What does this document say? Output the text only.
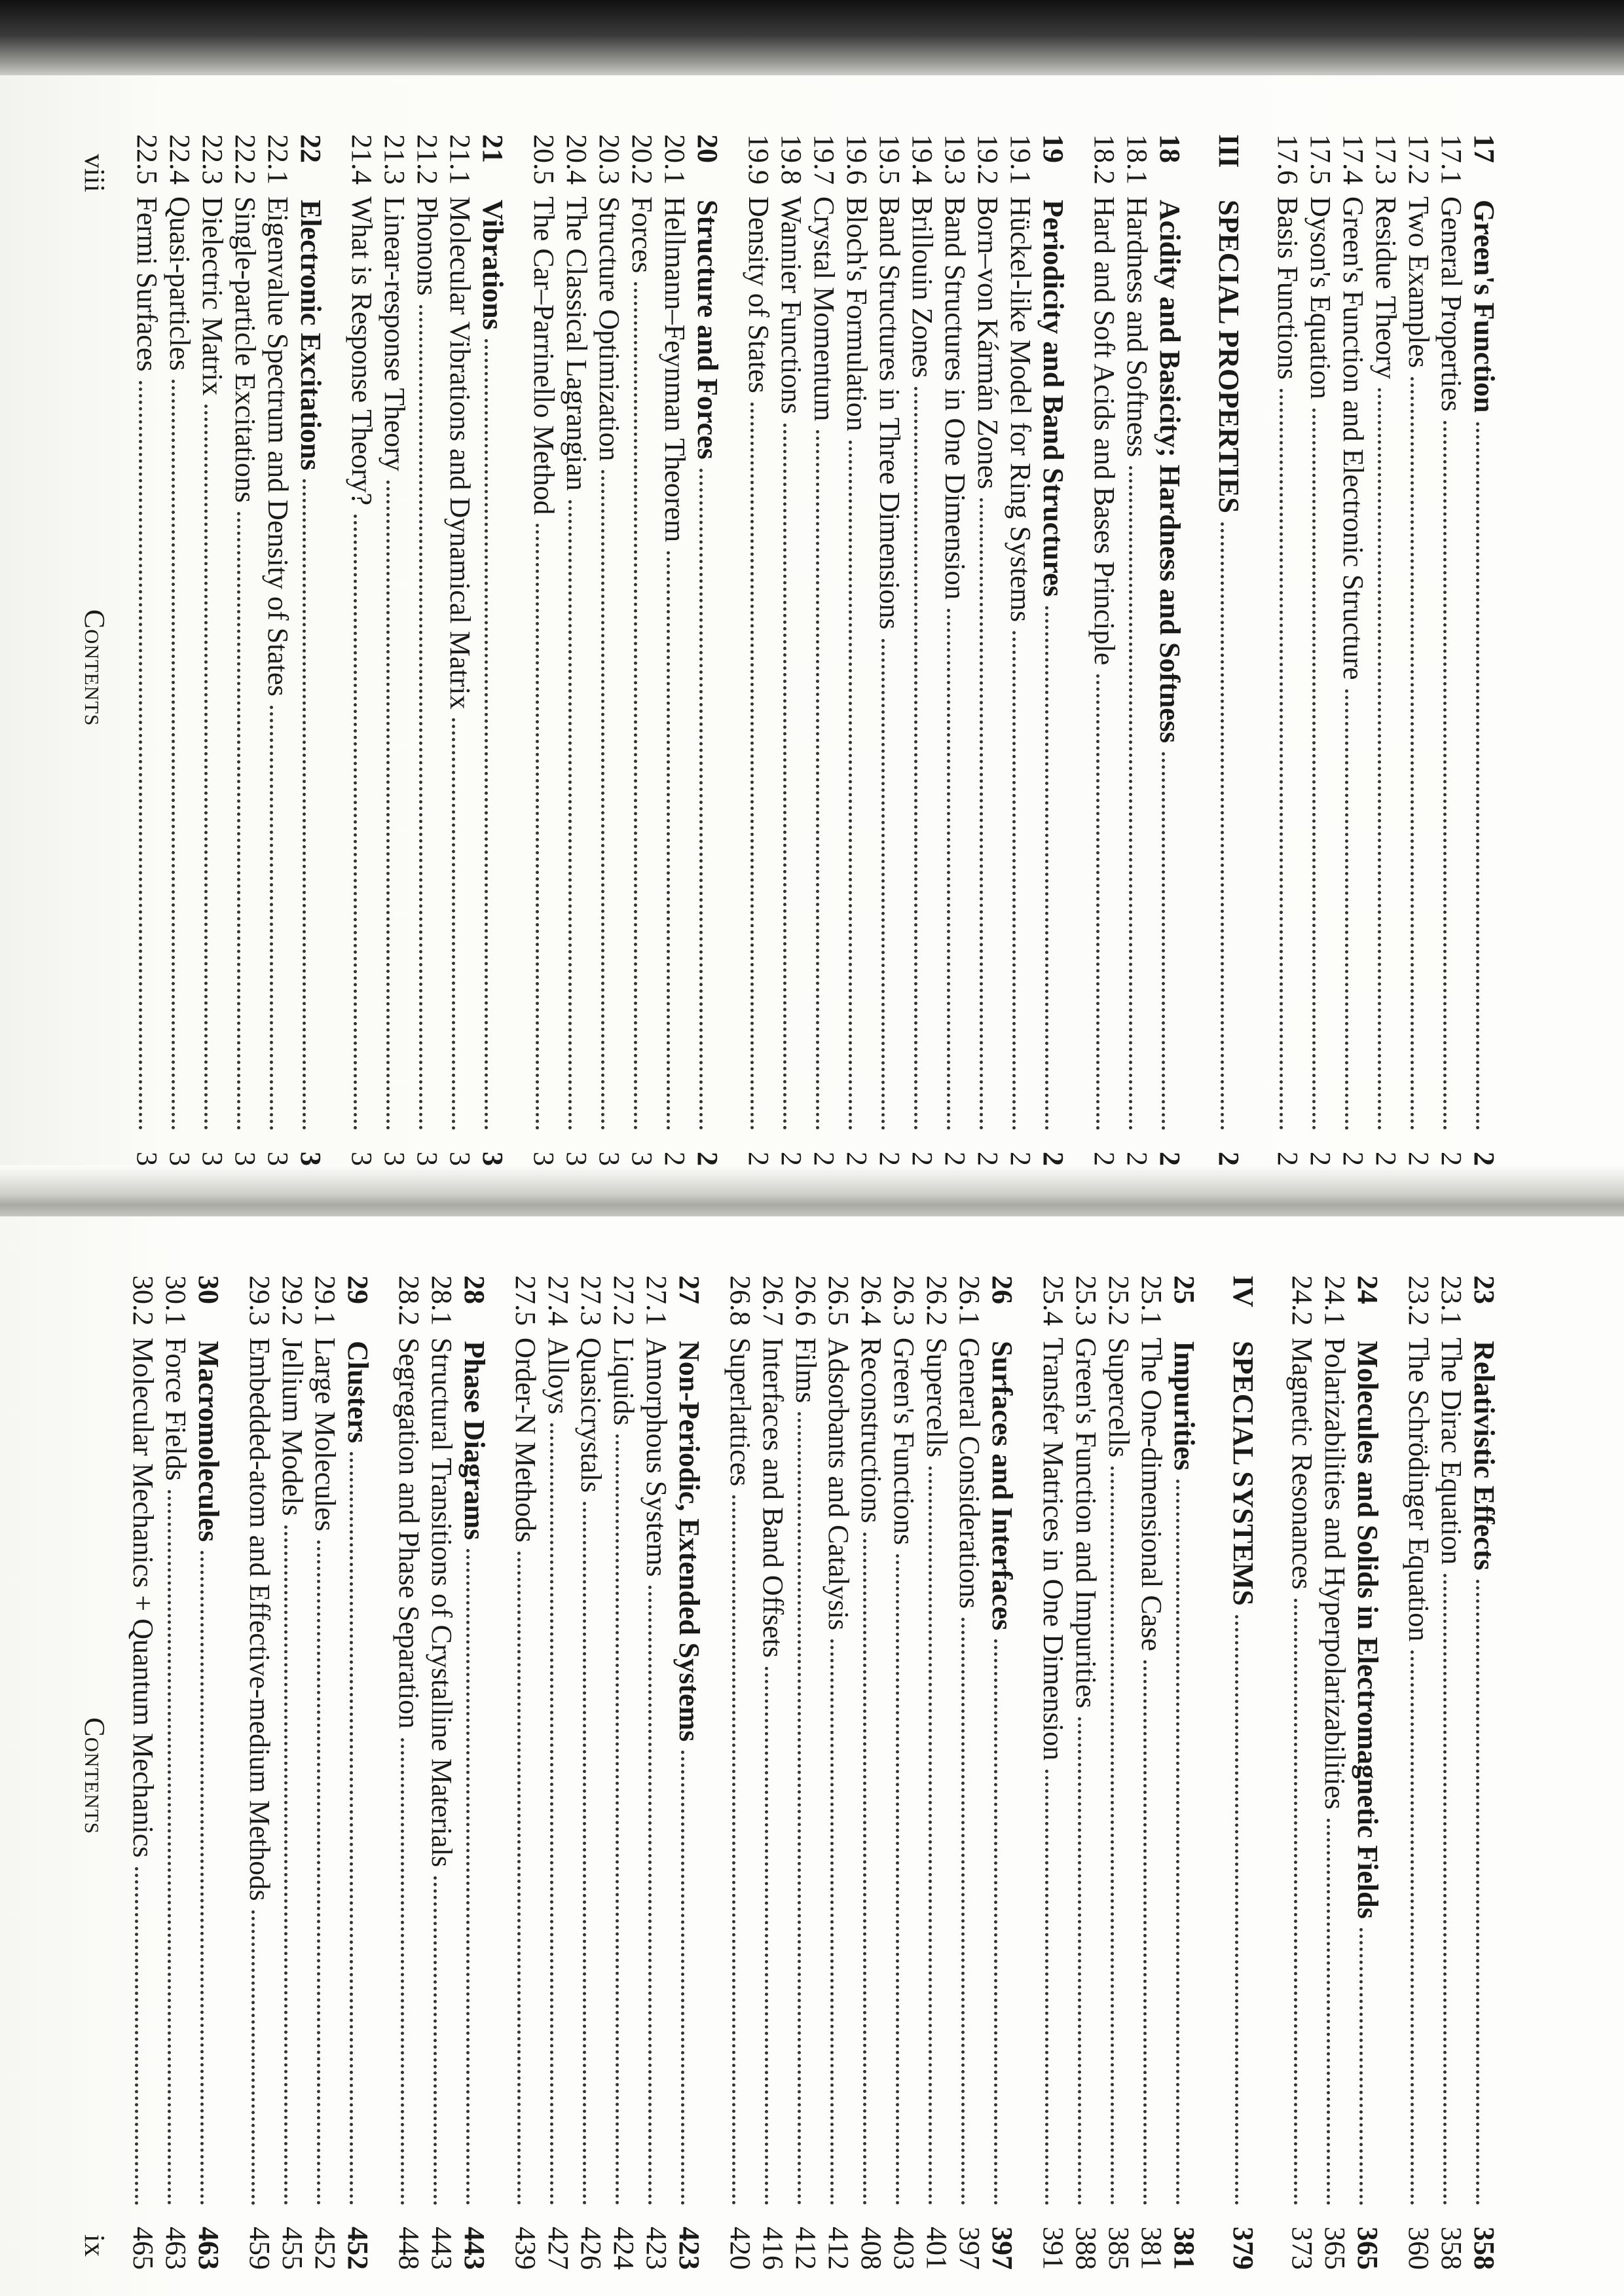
viii
Contents
17
Green's Function
17.1
General Properties
17.2
Two Examples
17.3
Residue Theory
17.4
Green's Function and Electronic Structure
17.5
Dyson's Equation
17.6
Basis Functions
III
SPECIAL PROPERTIES
18
Acidity and Basicity; Hardness and Softness
18.1
Hardness and Softness
18.2
Hard and Soft Acids and Bases Principle
19
Periodicity and Band Structures
19.1
Hückel-like Model for Ring Systems
19.2
Born–von Kármán Zones
19.3
Band Structures in One Dimension
19.4
Brillouin Zones
19.5
Band Structures in Three Dimensions
19.6
Bloch's Formulation
19.7
Crystal Momentum
19.8
Wannier Functions
19.9
Density of States
20
Structure and Forces
20.1
Hellmann–Feynman Theorem
20.2
Forces
20.3
Structure Optimization
20.4
The Classical Lagrangian
20.5
The Car–Parrinello Method
21
Vibrations
21.1
Molecular Vibrations and Dynamical Matrix
21.2
Phonons
21.3
Linear-response Theory
21.4
What is Response Theory?
22
Electronic Excitations
22.1
Eigenvalue Spectrum and Density of States
22.2
Single-particle Excitations
22.3
Dielectric Matrix
22.4
Quasi-particles
22.5
Fermi Surfaces
Contents
ix
23
Relativistic Effects
358
23.1
The Dirac Equation
358
23.2
The Schrödinger Equation
360
24
Molecules and Solids in Electromagnetic Fields
365
24.1
Polarizabilities and Hyperpolarizabilities
365
24.2
Magnetic Resonances
373
IV
SPECIAL SYSTEMS
379
25
Impurities
381
25.1
The One-dimensional Case
381
25.2
Supercells
385
25.3
Green's Function and Impurities
388
25.4
Transfer Matrices in One Dimension
391
26
Surfaces and Interfaces
397
26.1
General Considerations
397
26.2
Supercells
401
26.3
Green's Functions
403
26.4
Reconstructions
408
26.5
Adsorbants and Catalysis
412
26.6
Films
412
26.7
Interfaces and Band Offsets
416
26.8
Superlattices
420
27
Non-Periodic, Extended Systems
423
27.1
Amorphous Systems
423
27.2
Liquids
424
27.3
Quasicrystals
426
27.4
Alloys
427
27.5
Order-N Methods
439
28
Phase Diagrams
443
28.1
Structural Transitions of Crystalline Materials
443
28.2
Segregation and Phase Separation
448
29
Clusters
452
29.1
Large Molecules
452
29.2
Jellium Models
455
29.3
Embedded-atom and Effective-medium Methods
459
30
Macromolecules
463
30.1
Force Fields
463
30.2
Molecular Mechanics + Quantum Mechanics
465
